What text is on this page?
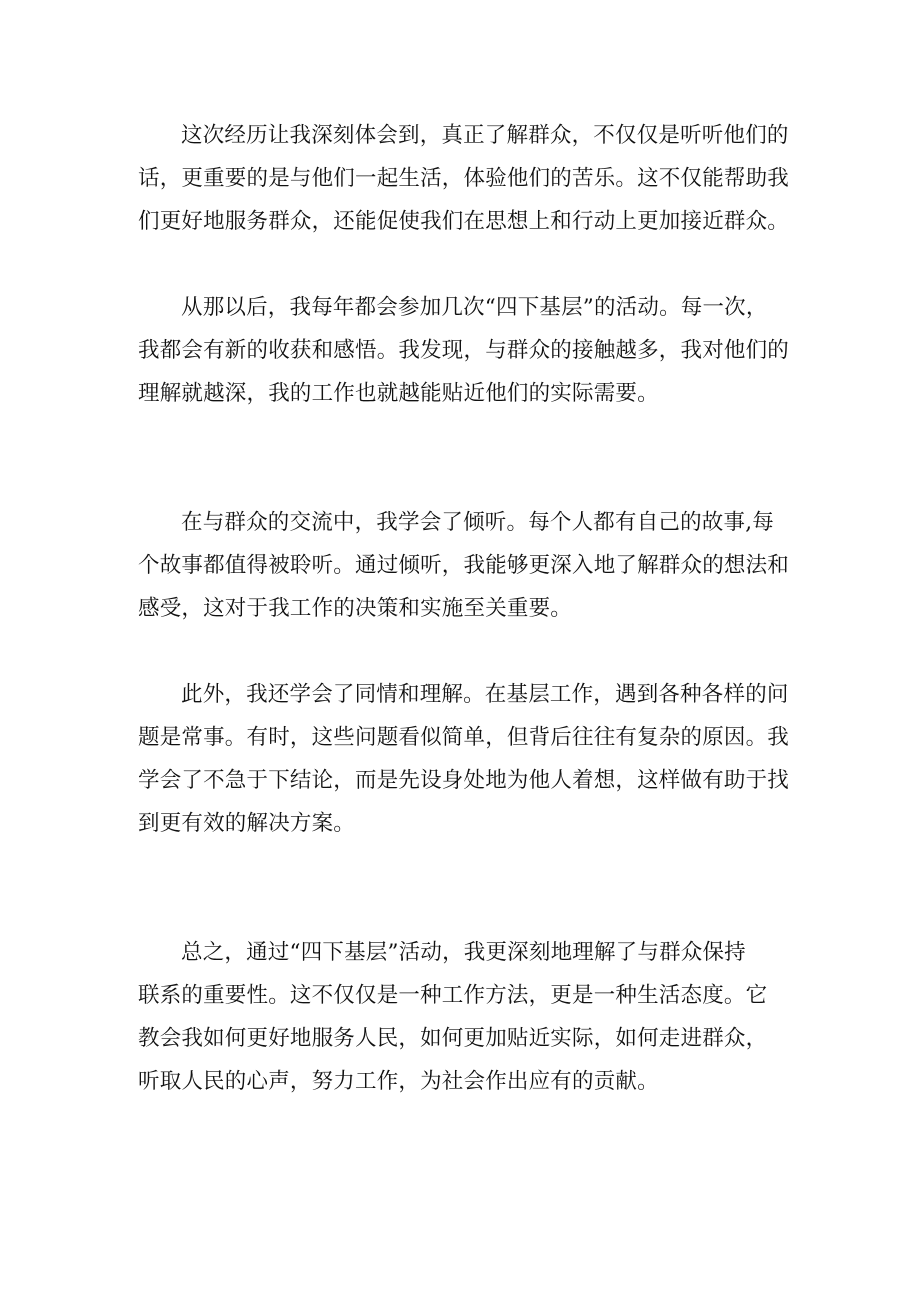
这次经历让我深刻体会到，真正了解群众，不仅仅是听听他们的
话，更重要的是与他们一起生活，体验他们的苦乐。这不仅能帮助我
们更好地服务群众，还能促使我们在思想上和行动上更加接近群众。
从那以后，我每年都会参加几次“四下基层”的活动。每一次，
我都会有新的收获和感悟。我发现，与群众的接触越多，我对他们的
理解就越深，我的工作也就越能贴近他们的实际需要。
在与群众的交流中，我学会了倾听。每个人都有自己的故事,每
个故事都值得被聆听。通过倾听，我能够更深入地了解群众的想法和
感受，这对于我工作的决策和实施至关重要。
此外，我还学会了同情和理解。在基层工作，遇到各种各样的问
题是常事。有时，这些问题看似简单，但背后往往有复杂的原因。我
学会了不急于下结论，而是先设身处地为他人着想，这样做有助于找
到更有效的解决方案。
总之，通过“四下基层”活动，我更深刻地理解了与群众保持
联系的重要性。这不仅仅是一种工作方法，更是一种生活态度。它
教会我如何更好地服务人民，如何更加贴近实际，如何走进群众，
听取人民的心声，努力工作，为社会作出应有的贡献。
